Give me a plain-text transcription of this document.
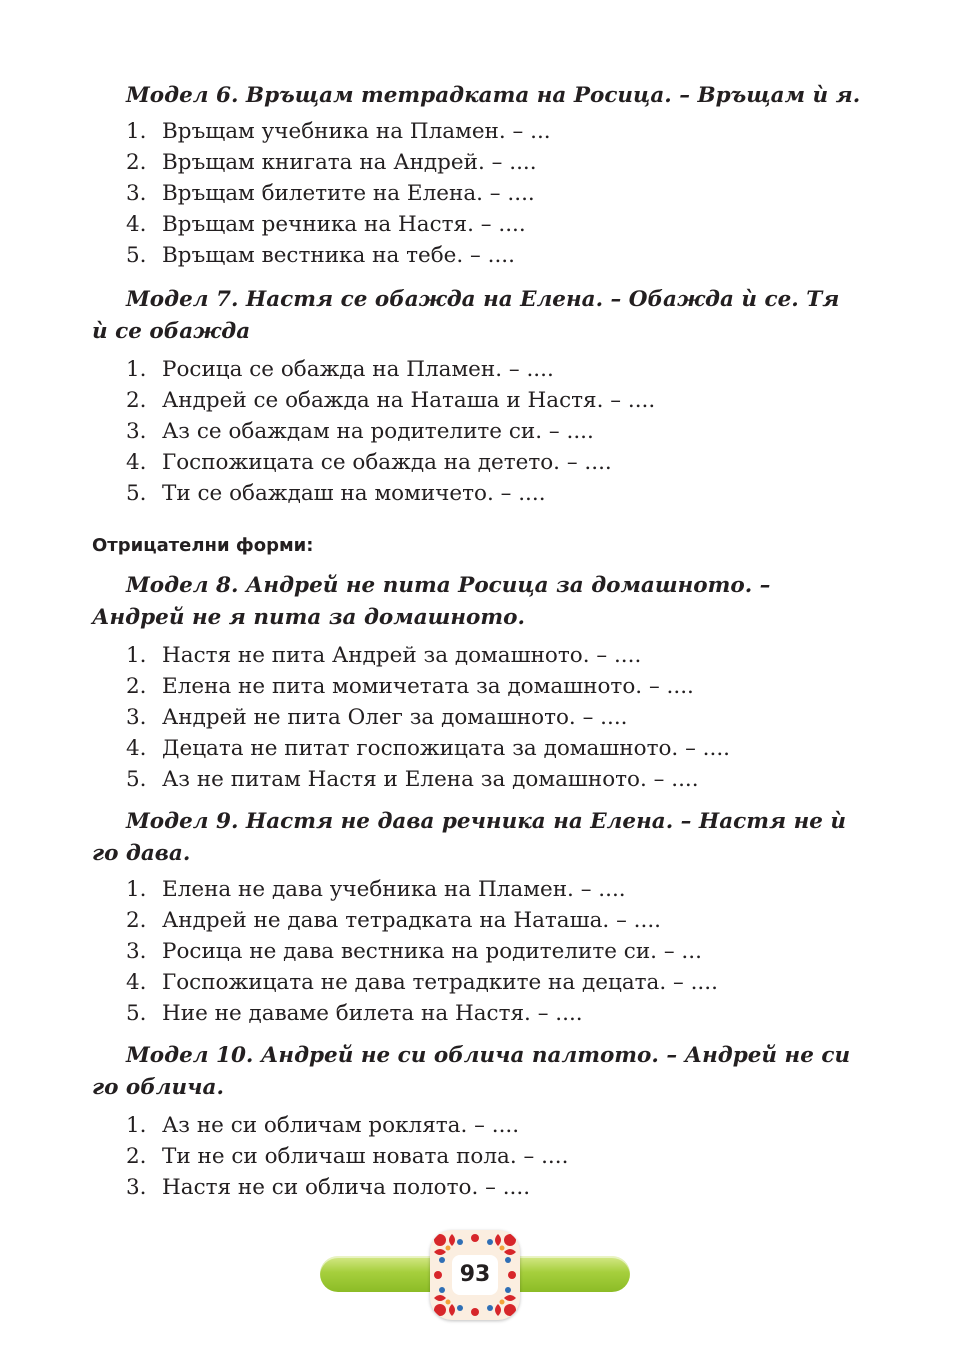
Модел 6. Връщам тетрадката на Росица. – Връщам ѝ я.
1. Връщам учебника на Пламен. – ...
2. Връщам книгата на Андрей. – ....
3. Връщам билетите на Елена. – ....
4. Връщам речника на Настя. – ....
5. Връщам вестника на тебе. – ....
Модел 7. Настя се обажда на Елена. – Обажда ѝ се. Тя ѝ се обажда
1. Росица се обажда на Пламен. – ....
2. Андрей се обажда на Наташа и Настя. – ....
3. Аз се обаждам на родителите си. – ....
4. Госпожицата се обажда на детето. – ....
5. Ти се обаждаш на момичето. – ....
Отрицателни форми:
Модел 8. Андрей не пита Росица за домашното. – Андрей не я пита за домашното.
1. Настя не пита Андрей за домашното. – ....
2. Елена не пита момичетата за домашното. – ....
3. Андрей не пита Олег за домашното. – ....
4. Децата не питат госпожицата за домашното. – ....
5. Аз не питам Настя и Елена за домашното. – ....
Модел 9. Настя не дава речника на Елена. – Настя не ѝ го дава.
1. Елена не дава учебника на Пламен. – ....
2. Андрей не дава тетрадката на Наташа. – ....
3. Росица не дава вестника на родителите си. – ...
4. Госпожицата не дава тетрадките на децата. – ....
5. Ние не даваме билета на Настя. – ....
Модел 10. Андрей не си облича палтото. – Андрей не си го облича.
1. Аз не си обличам роклята. – ....
2. Ти не си обличаш новата пола. – ....
3. Настя не си облича полото. – ....
93
